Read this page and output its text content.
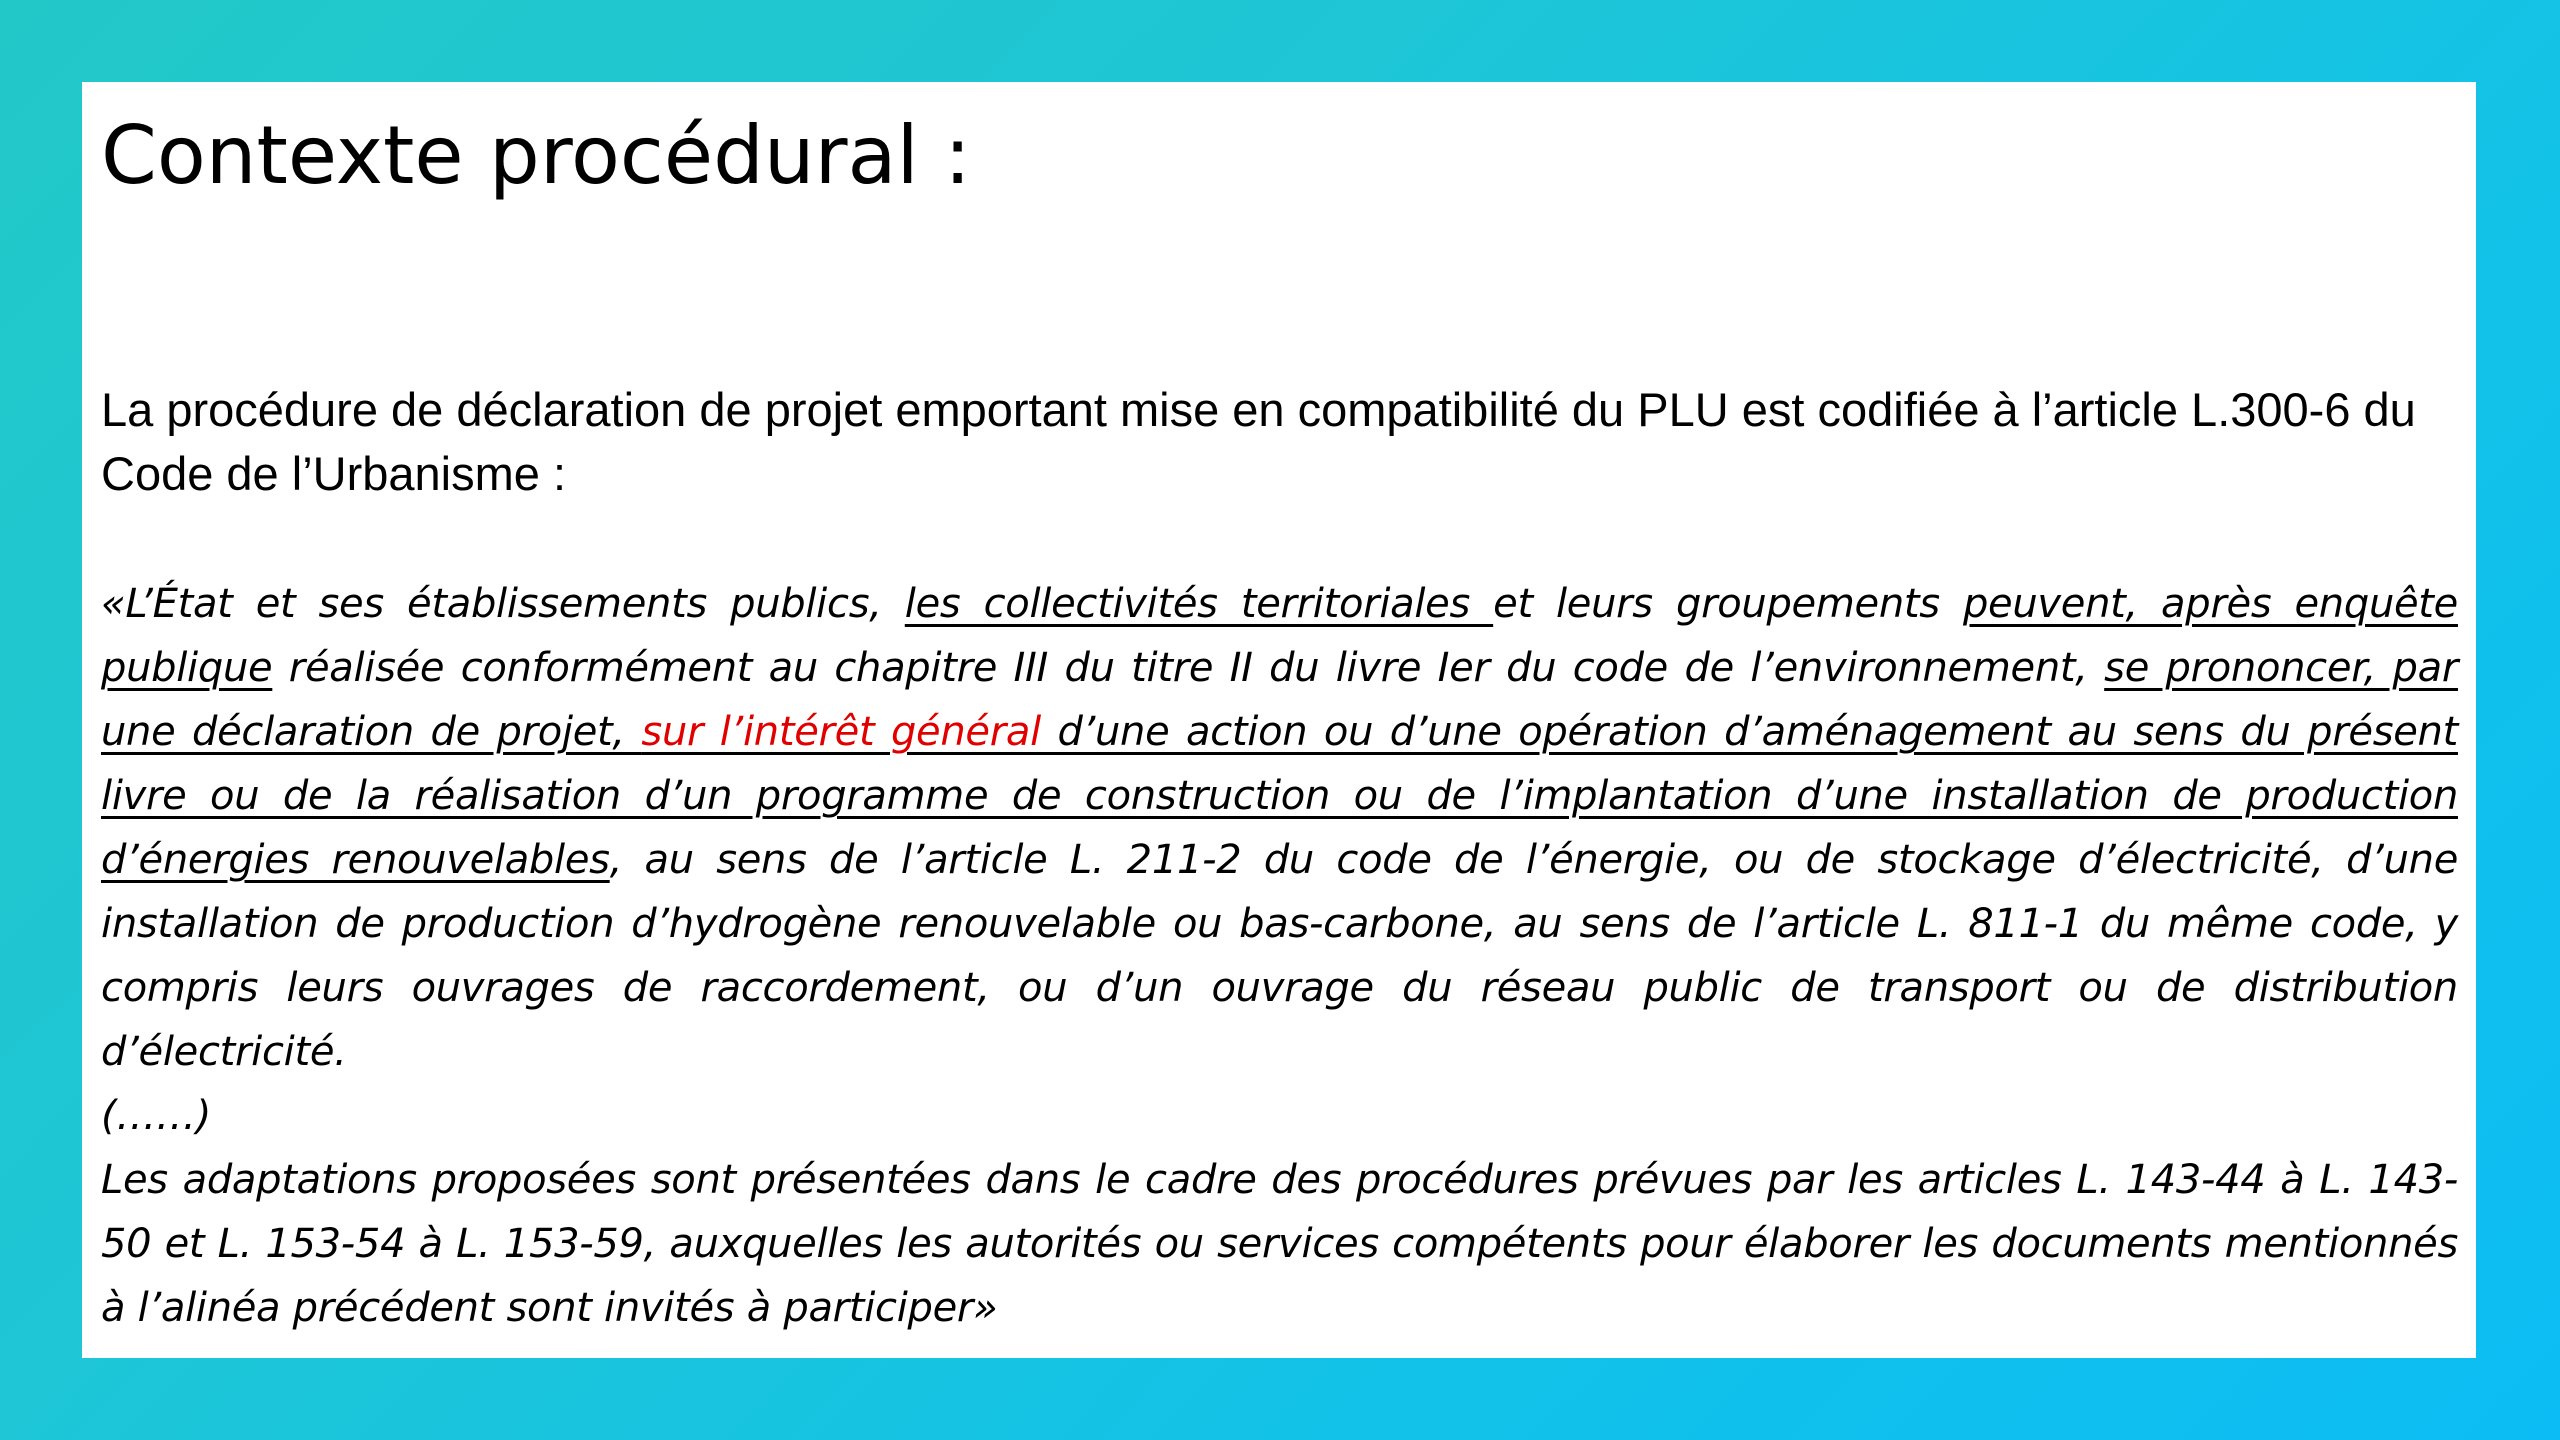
Contexte procédural :

La procédure de déclaration de projet emportant mise en compatibilité du PLU est codifiée à l’article L.300-6 du Code de l’Urbanisme :

«L’État et ses établissements publics, les collectivités territoriales et leurs groupements peuvent, après enquête publique réalisée conformément au chapitre III du titre II du livre Ier du code de l’environnement, se prononcer, par une déclaration de projet, sur l’intérêt général d’une action ou d’une opération d’aménagement au sens du présent livre ou de la réalisation d’un programme de construction ou de l’implantation d’une installation de production d’énergies renouvelables, au sens de l’article L. 211-2 du code de l’énergie, ou de stockage d’électricité, d’une installation de production d’hydrogène renouvelable ou bas-carbone, au sens de l’article L. 811-1 du même code, y compris leurs ouvrages de raccordement, ou d’un ouvrage du réseau public de transport ou de distribution d’électricité.

(……)

Les adaptations proposées sont présentées dans le cadre des procédures prévues par les articles L. 143-44 à L. 143-50 et L. 153-54 à L. 153-59, auxquelles les autorités ou services compétents pour élaborer les documents mentionnés à l’alinéa précédent sont invités à participer»
